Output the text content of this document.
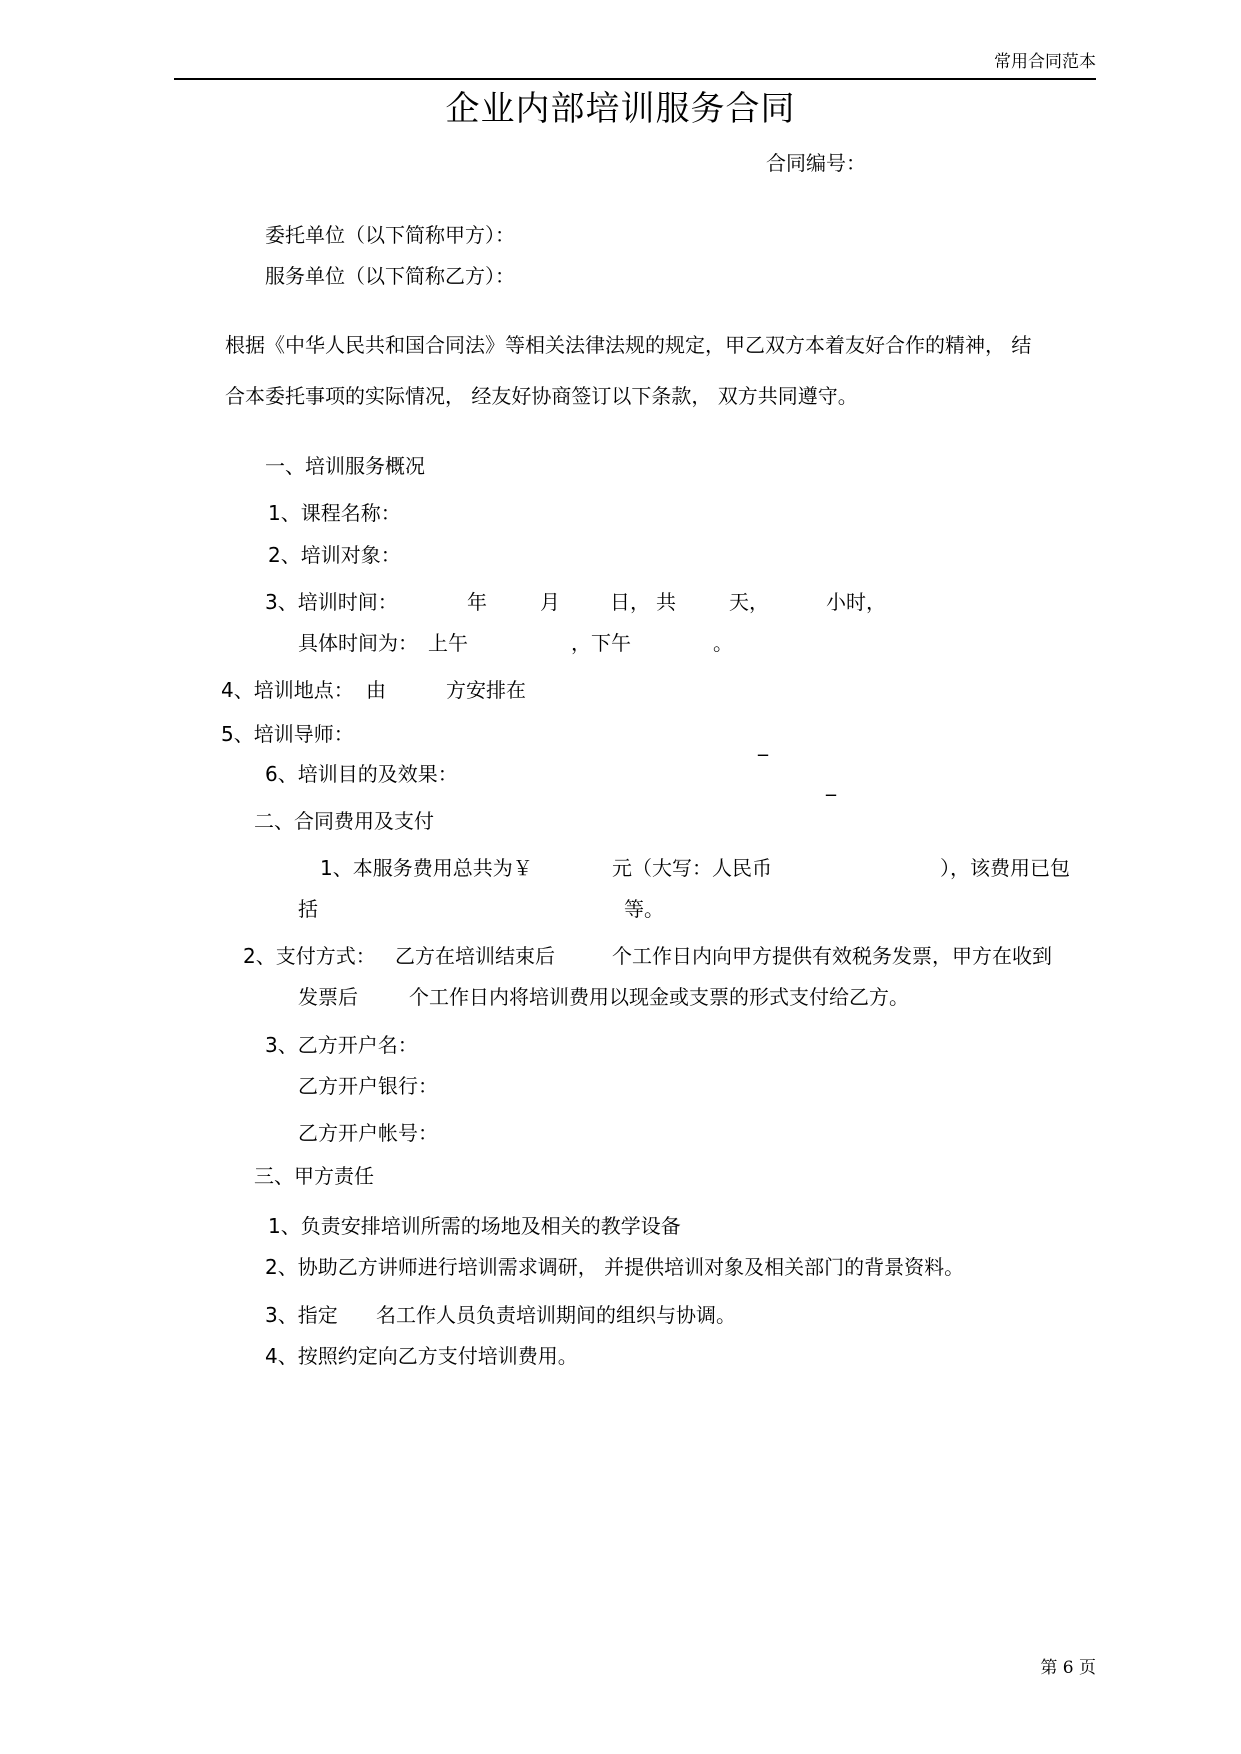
常用合同范本
企业内部培训服务合同
合同编号：
委托单位（以下简称甲方）：
服务单位（以下简称乙方）：
根据《中华人民共和国合同法》等相关法律法规的规定，甲乙双方本着友好合作的精神， 结
合本委托事项的实际情况， 经友好协商签订以下条款， 双方共同遵守。
一、培训服务概况
1、课程名称：
2、培训对象：
3、培训时间：	年	月	日， 共	天，	小时，
具体时间为： 上午	，下午	。
4、培训地点： 由	方安排在
5、培训导师：	_
6、培训目的及效果：	_
二、合同费用及支付
1、本服务费用总共为￥	元（大写：人民币	），该费用已包
括	等。
2、支付方式： 乙方在培训结束后	个工作日内向甲方提供有效税务发票，甲方在收到
发票后	个工作日内将培训费用以现金或支票的形式支付给乙方。
3、乙方开户名：
乙方开户银行：
乙方开户帐号：
三、甲方责任
1、负责安排培训所需的场地及相关的教学设备
2、协助乙方讲师进行培训需求调研， 并提供培训对象及相关部门的背景资料。
3、指定 名工作人员负责培训期间的组织与协调。
4、按照约定向乙方支付培训费用。
第 6 页
